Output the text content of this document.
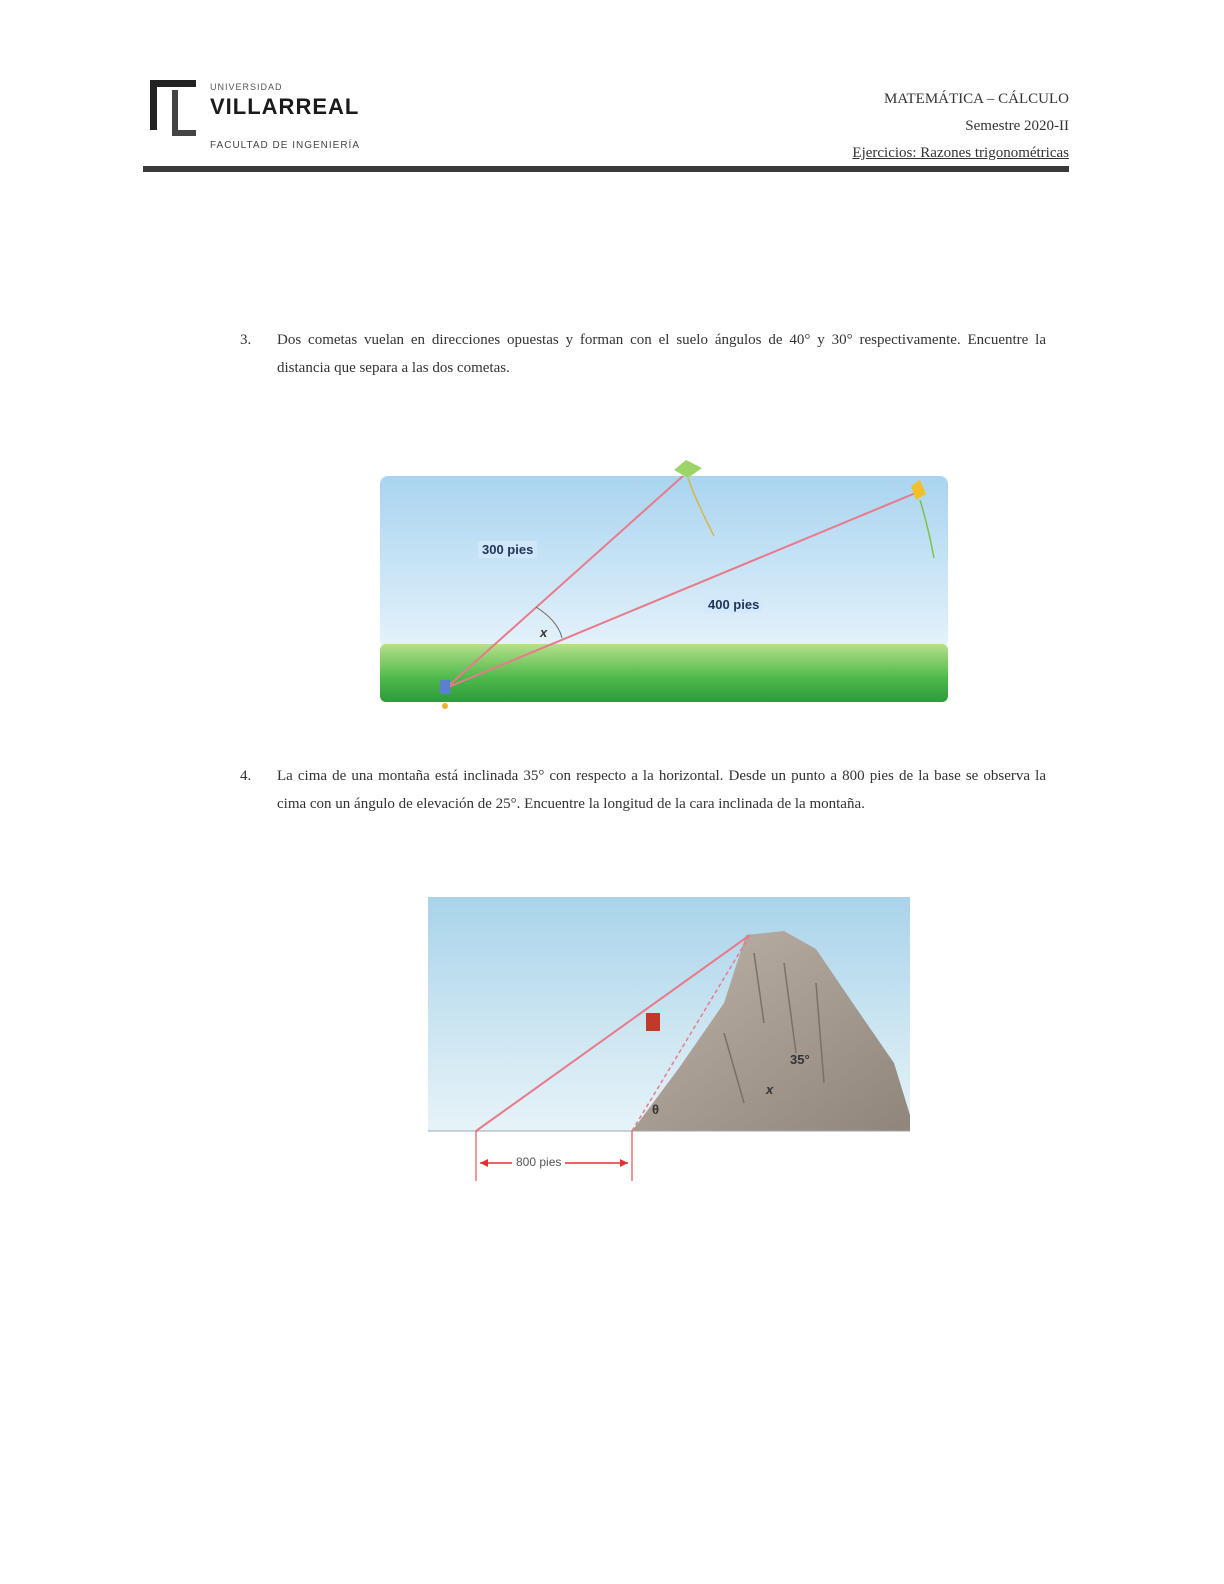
UNIVERSIDAD
VILLARREAL
FACULTAD DE INGENIERÍA
MATEMÁTICA – CÁLCULO
Semestre 2020-II
Ejercicios: Razones trigonométricas
3.	Dos cometas vuelan en direcciones opuestas y forman con el suelo ángulos de 40° y 30° respectivamente. Encuentre la distancia que separa a las dos cometas.
300 pies
400 pies
x
4.	La cima de una montaña está inclinada 35° con respecto a la horizontal. Desde un punto a 800 pies de la base se observa la cima con un ángulo de elevación de 25°. Encuentre la longitud de la cara inclinada de la montaña.
35°
x
θ
800 pies
